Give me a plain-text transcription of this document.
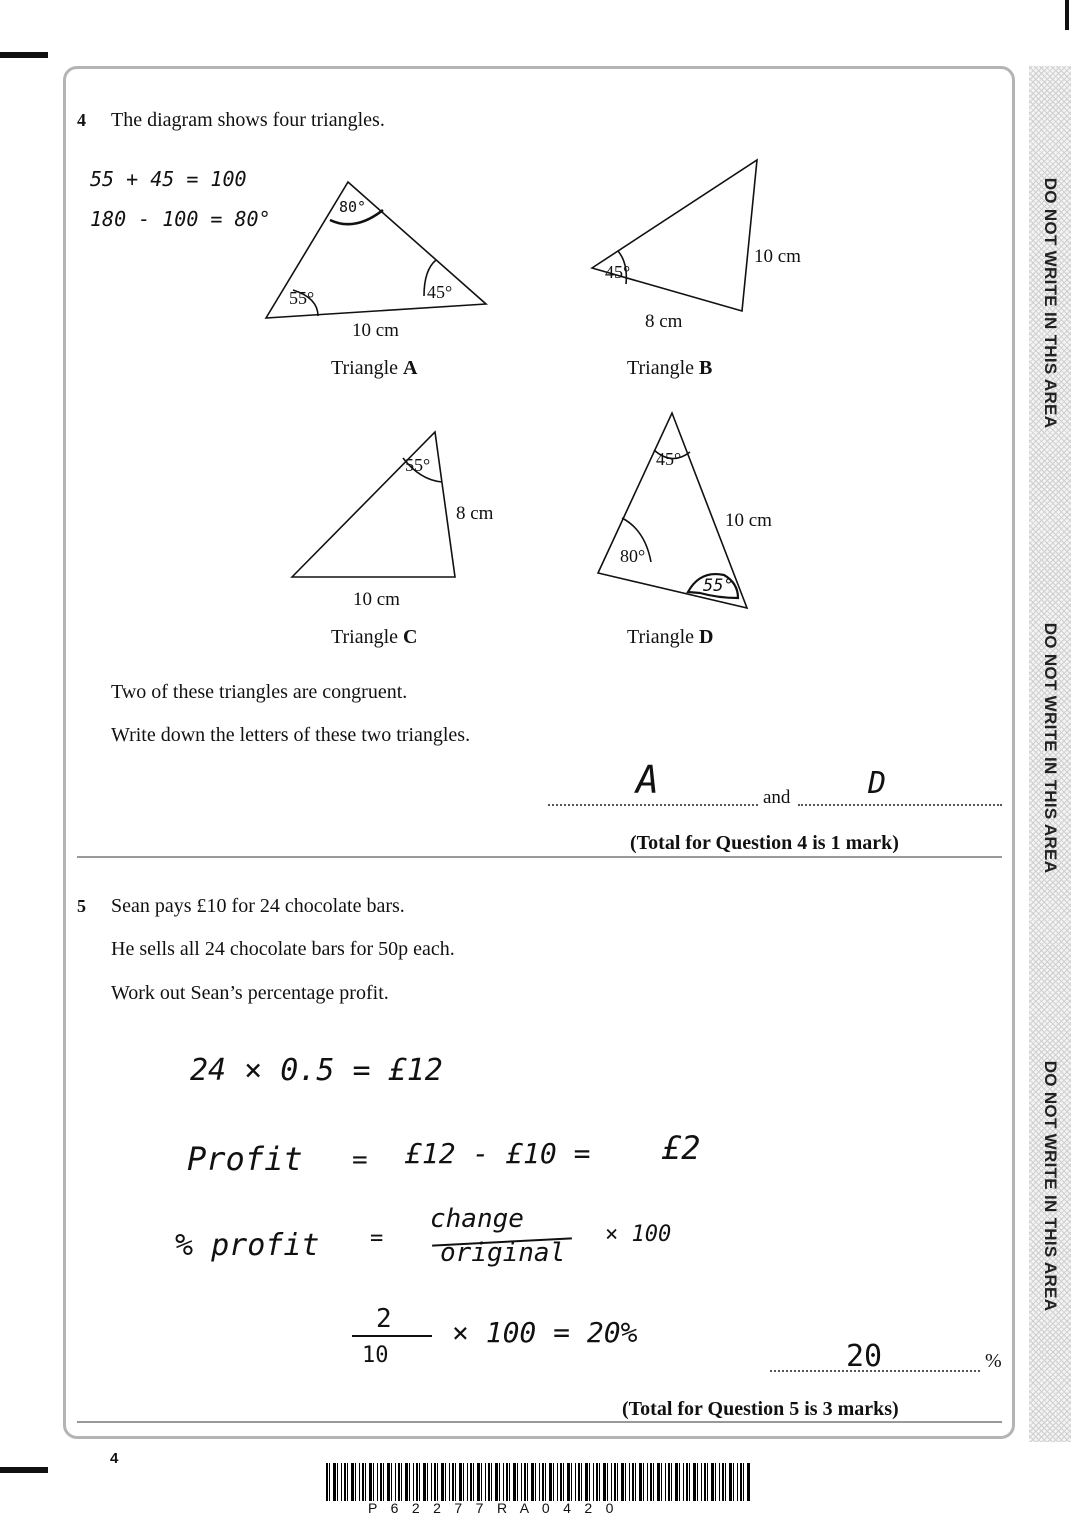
DO NOT WRITE IN THIS AREA
DO NOT WRITE IN THIS AREA
DO NOT WRITE IN THIS AREA
4 The diagram shows four triangles.
55 + 45 = 100
180 - 100 = 80°	80°
55°	45°
10 cm
Triangle A
45°
10 cm
8 cm
Triangle B
55°
8 cm
10 cm
Triangle C
45°
10 cm
80°
55°
Triangle D
Two of these triangles are congruent.
Write down the letters of these two triangles.
and
A	D
(Total for Question 4 is 1 mark)
5 Sean pays £10 for 24 chocolate bars.
He sells all 24 chocolate bars for 50p each.
Work out Sean’s percentage profit.
24 × 0.5 = £12
Profit = £12 - £10 = £2
% profit =
change
original
× 100
2
10
× 100 = 20%
20	%
(Total for Question 5 is 3 marks)
4
P 6 2 2 7 7 R A 0 4 2 0
